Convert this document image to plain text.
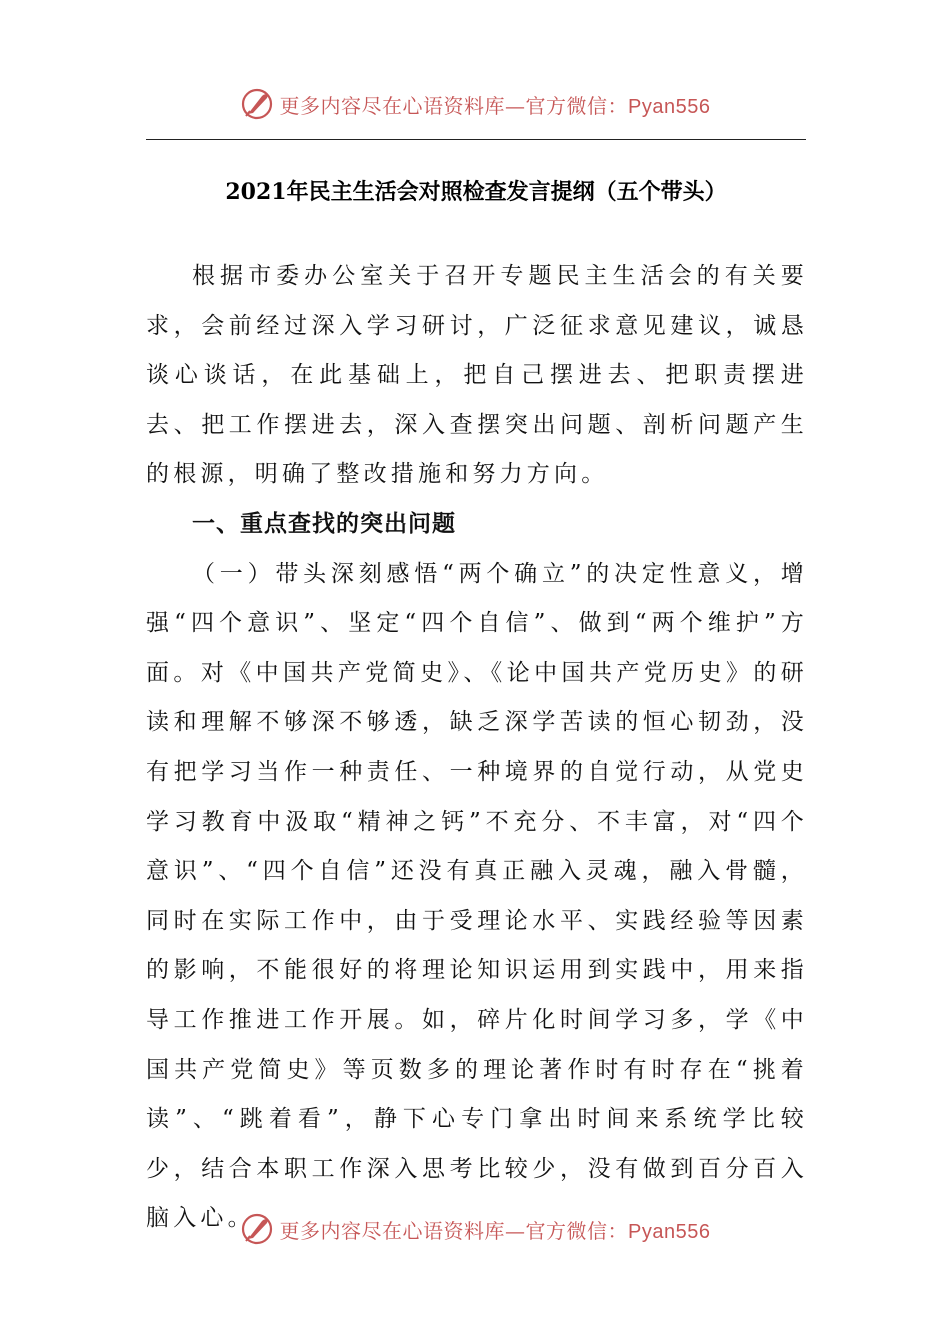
更多内容尽在心语资料库—官方微信：Pyan556
2021年民主生活会对照检查发言提纲（五个带头）

根据市委办公室关于召开专题民主生活会的有关要求，会前经过深入学习研讨，广泛征求意见建议，诚恳谈心谈话，在此基础上，把自己摆进去、把职责摆进去、把工作摆进去，深入查摆突出问题、剖析问题产生的根源，明确了整改措施和努力方向。

一、重点查找的突出问题

（一）带头深刻感悟“两个确立”的决定性意义，增强“四个意识”、坚定“四个自信”、做到“两个维护”方面。对《中国共产党简史》、《论中国共产党历史》的研读和理解不够深不够透，缺乏深学苦读的恒心韧劲，没有把学习当作一种责任、一种境界的自觉行动，从党史学习教育中汲取“精神之钙”不充分、不丰富，对“四个意识”、“四个自信”还没有真正融入灵魂，融入骨髓，同时在实际工作中，由于受理论水平、实践经验等因素的影响，不能很好的将理论知识运用到实践中，用来指导工作推进工作开展。如，碎片化时间学习多，学《中国共产党简史》等页数多的理论著作时有时存在“挑着读”、“跳着看”，静下心专门拿出时间来系统学比较少，结合本职工作深入思考比较少，没有做到百分百入脑入心。	更多内容尽在心语资料库—官方微信：Pyan556
